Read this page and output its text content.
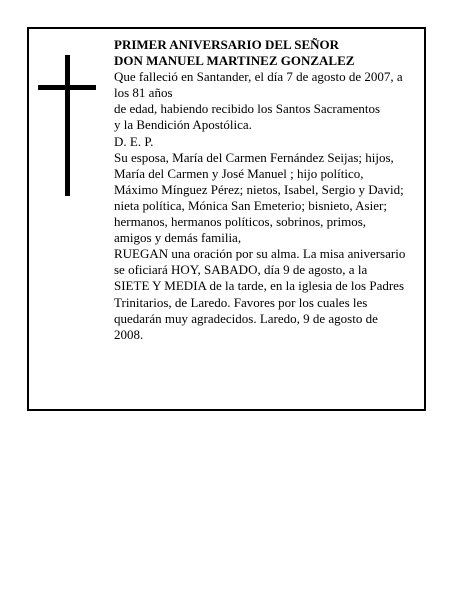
PRIMER ANIVERSARIO DEL SEÑOR
DON MANUEL MARTINEZ GONZALEZ
Que falleció en Santander, el día 7 de agosto de 2007, a
los 81 años
de edad, habiendo recibido los Santos Sacramentos
y la Bendición Apostólica.
D. E. P.
Su esposa, María del Carmen Fernández Seijas; hijos,
María del Carmen y José Manuel ; hijo político,
Máximo Mínguez Pérez; nietos, Isabel, Sergio y David;
nieta política, Mónica San Emeterio; bisnieto, Asier;
hermanos, hermanos políticos, sobrinos, primos,
amigos y demás familia,
RUEGAN una oración por su alma. La misa aniversario
se oficiará HOY, SABADO, día 9 de agosto, a la
SIETE Y MEDIA de la tarde, en la iglesia de los Padres
Trinitarios, de Laredo. Favores por los cuales les
quedarán muy agradecidos. Laredo, 9 de agosto de
2008.
